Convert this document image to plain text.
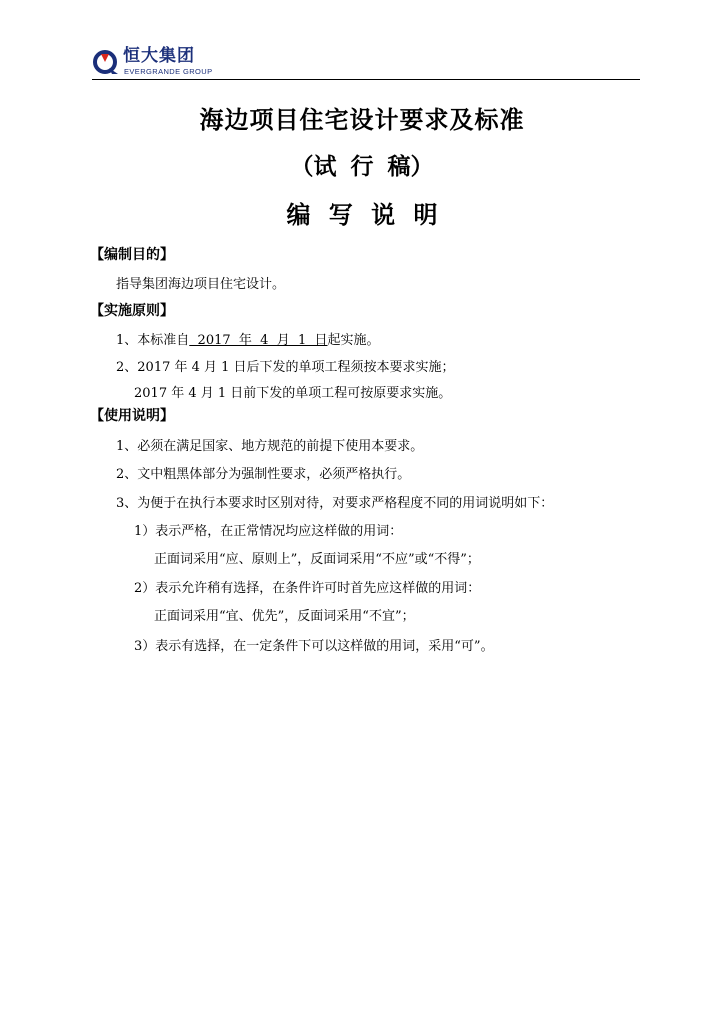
恒大集团
EVERGRANDE GROUP
海边项目住宅设计要求及标准
（试 行 稿）
编 写 说 明
【编制目的】
指导集团海边项目住宅设计。
【实施原则】
1、本标准自  2017  年  4  月  1  日起实施。
2、2017 年 4 月 1 日后下发的单项工程须按本要求实施；
2017 年 4 月 1 日前下发的单项工程可按原要求实施。
【使用说明】
1、必须在满足国家、地方规范的前提下使用本要求。
2、文中粗黑体部分为强制性要求，必须严格执行。
3、为便于在执行本要求时区别对待，对要求严格程度不同的用词说明如下：
1）表示严格，在正常情况均应这样做的用词：
正面词采用“应、原则上”，反面词采用“不应”或“不得”；
2）表示允许稍有选择，在条件许可时首先应这样做的用词：
正面词采用“宜、优先”，反面词采用“不宜”；
3）表示有选择，在一定条件下可以这样做的用词，采用“可”。
